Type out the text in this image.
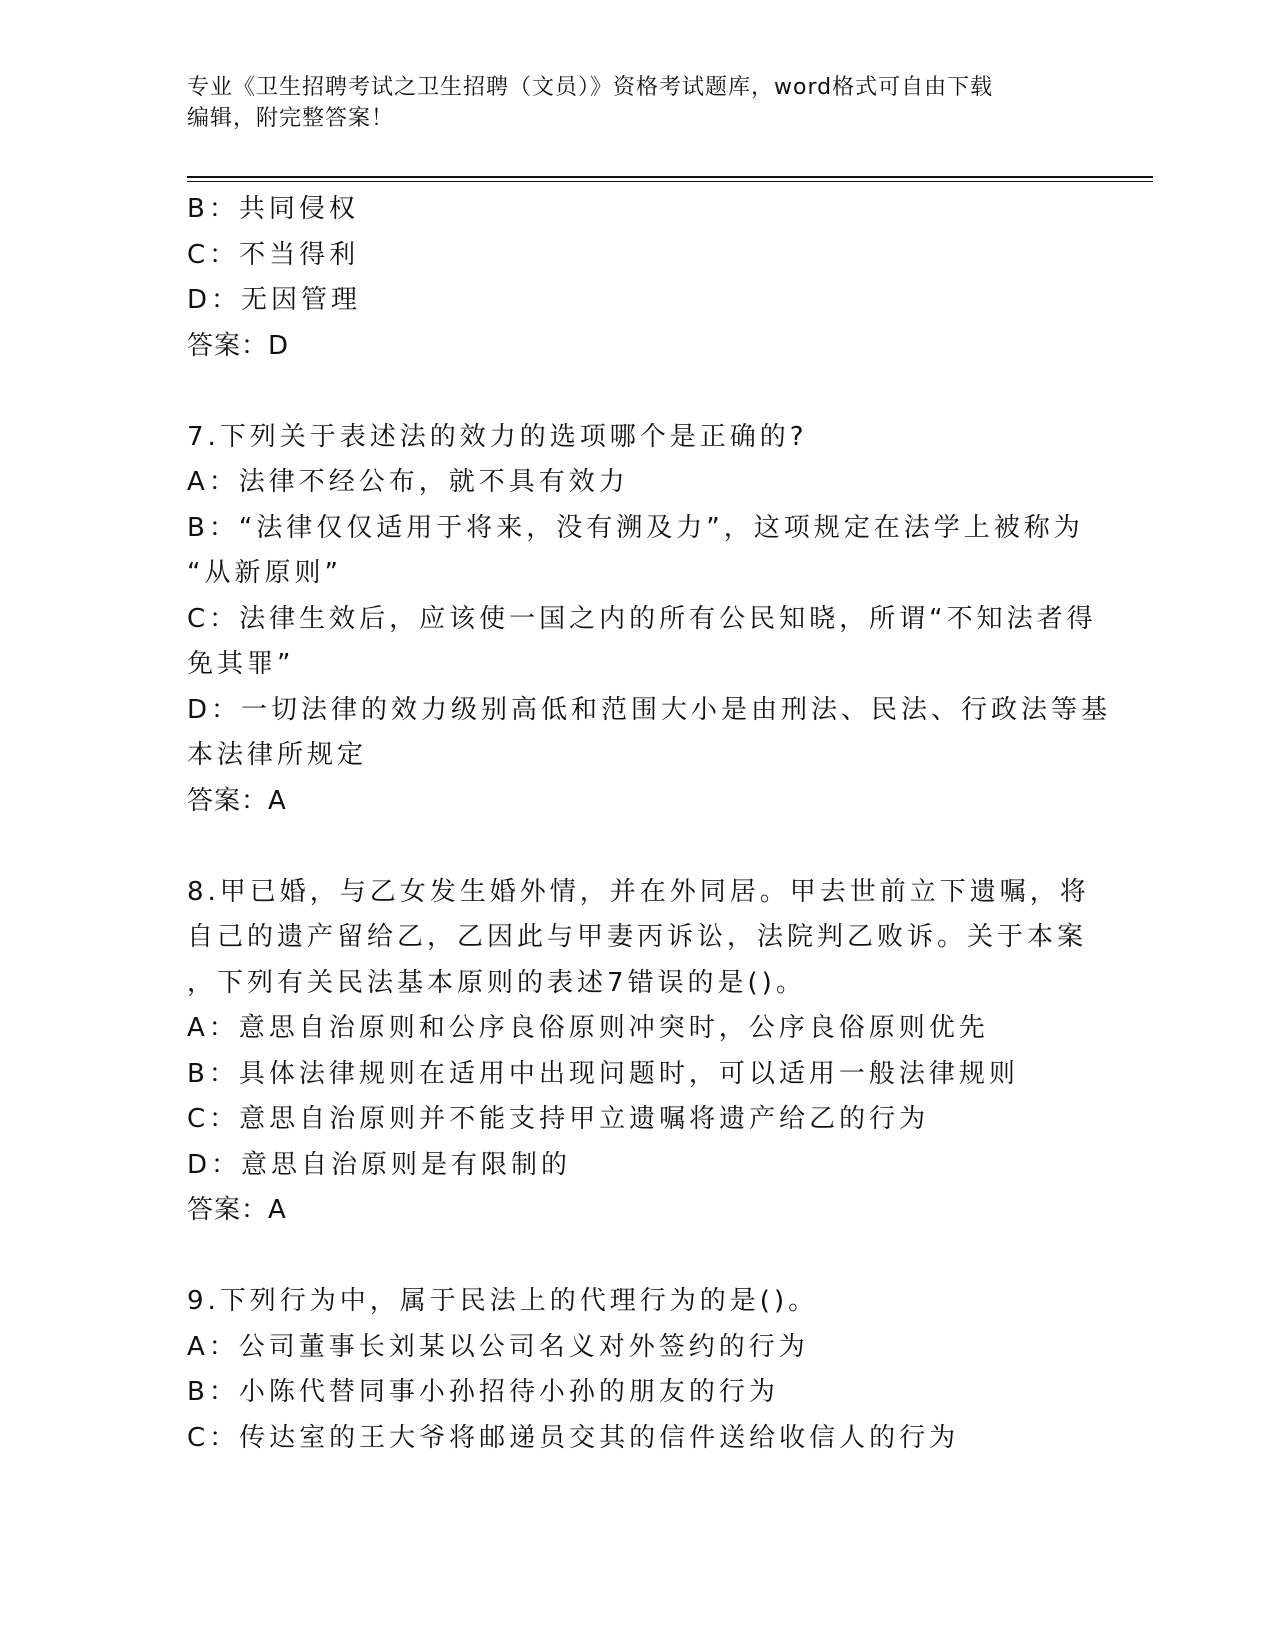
专业《卫生招聘考试之卫生招聘（文员）》资格考试题库，word格式可自由下载
编辑，附完整答案！
B：共同侵权
C：不当得利
D：无因管理
答案：D
7.下列关于表述法的效力的选项哪个是正确的?
A：法律不经公布，就不具有效力
B：“法律仅仅适用于将来，没有溯及力”，这项规定在法学上被称为
“从新原则”
C：法律生效后，应该使一国之内的所有公民知晓，所谓“不知法者得
免其罪”
D：一切法律的效力级别高低和范围大小是由刑法、民法、行政法等基
本法律所规定
答案：A
8.甲已婚，与乙女发生婚外情，并在外同居。甲去世前立下遗嘱，将
自己的遗产留给乙，乙因此与甲妻丙诉讼，法院判乙败诉。关于本案
，下列有关民法基本原则的表述7错误的是()。
A：意思自治原则和公序良俗原则冲突时，公序良俗原则优先
B：具体法律规则在适用中出现问题时，可以适用一般法律规则
C：意思自治原则并不能支持甲立遗嘱将遗产给乙的行为
D：意思自治原则是有限制的
答案：A
9.下列行为中，属于民法上的代理行为的是()。
A：公司董事长刘某以公司名义对外签约的行为
B：小陈代替同事小孙招待小孙的朋友的行为
C：传达室的王大爷将邮递员交其的信件送给收信人的行为
